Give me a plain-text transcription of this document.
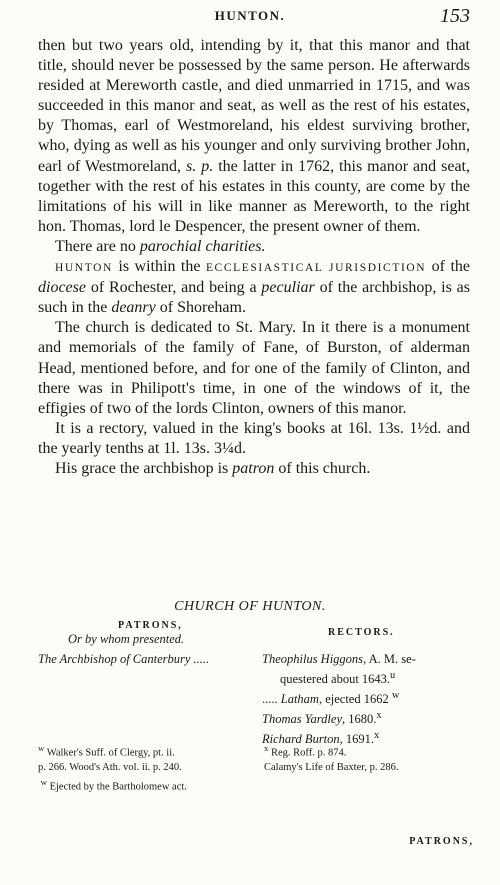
HUNTON.	153

then but two years old, intending by it, that this manor and that title, should never be possessed by the same person. He afterwards resided at Mereworth castle, and died unmarried in 1715, and was succeeded in this manor and seat, as well as the rest of his estates, by Thomas, earl of Westmoreland, his eldest surviving brother, who, dying as well as his younger and only surviving brother John, earl of Westmoreland, s. p. the latter in 1762, this manor and seat, together with the rest of his estates in this county, are come by the limitations of his will in like manner as Mereworth, to the right hon. Thomas, lord le Despencer, the present owner of them.

There are no parochial charities.

HUNTON is within the ECCLESIASTICAL JURISDICTION of the diocese of Rochester, and being a peculiar of the archbishop, is as such in the deanry of Shoreham.

The church is dedicated to St. Mary. In it there is a monument and memorials of the family of Fane, of Burston, of alderman Head, mentioned before, and for one of the family of Clinton, and there was in Philipott's time, in one of the windows of it, the effigies of two of the lords Clinton, owners of this manor.

It is a rectory, valued in the king's books at 16l. 13s. 1½d. and the yearly tenths at 1l. 13s. 3¼d.

His grace the archbishop is patron of this church.

CHURCH OF HUNTON.
PATRONS,
Or by whom presented.	RECTORS.
The Archbishop of Canterbury .....	Theophilus Higgons, A. M. se-
questered about 1643.$^u$
..... Latham, ejected 1662 $^w$
Thomas Yardley, 1680.$^x$
Richard Burton, 1691.$^x$
$^w$ Walker's Suff. of Clergy, pt. ii.
p. 266. Wood's Ath. vol. ii. p. 240.
$^w$ Ejected by the Bartholomew act.
$^x$ Reg. Roff. p. 874.
Calamy's Life of Baxter, p. 286.
PATRONS,
